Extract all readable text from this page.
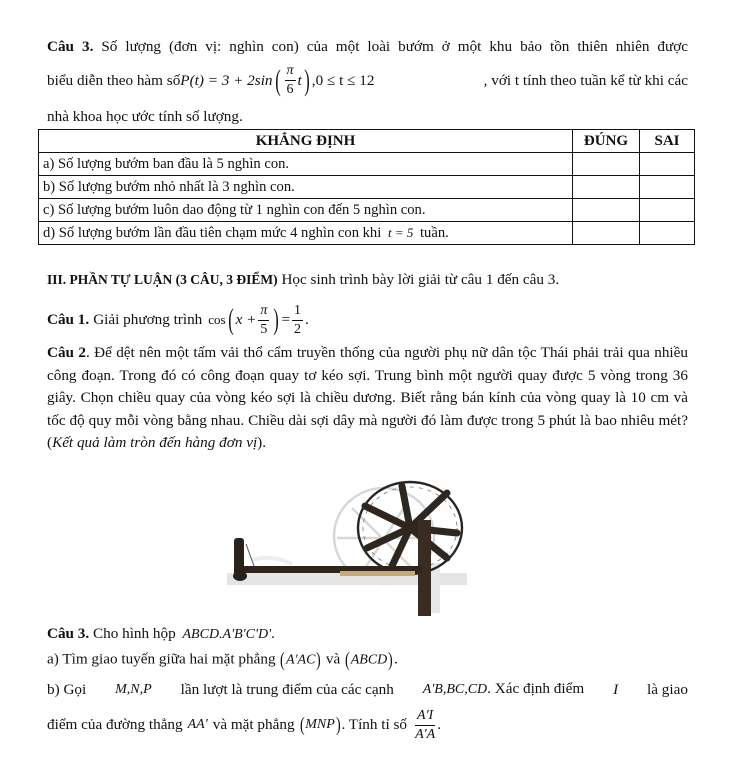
Câu 3. Số lượng (đơn vị: nghìn con) của một loài bướm ở một khu bảo tồn thiên nhiên được
biểu diễn theo hàm số P(t) = 3 + 2sin ( $\frac{\pi}{6}$ t ) , 0 ≤ t ≤ 12	, với t tính theo tuần kể từ khi các
nhà khoa học ước tính số lượng.
KHẲNG ĐỊNH	ĐÚNG	SAI
a) Số lượng bướm ban đầu là 5 nghìn con.		
b) Số lượng bướm nhỏ nhất là 3 nghìn con.		
c) Số lượng bướm luôn dao động từ 1 nghìn con đến 5 nghìn con.		
d) Số lượng bướm lần đầu tiên chạm mức 4 nghìn con khi t = 5 tuần.		
III. PHẦN TỰ LUẬN (3 CÂU, 3 ĐIỂM) Học sinh trình bày lời giải từ câu 1 đến câu 3.
Câu 1. Giải phương trình cos ( $x + \frac{\pi}{5}$ ) = $\frac{1}{2}$ .
Câu 2. Để dệt nên một tấm vải thổ cẩm truyền thống của người phụ nữ dân tộc Thái phải trải qua nhiều công đoạn. Trong đó có công đoạn quay tơ kéo sợi. Trung bình một người quay được 5 vòng trong 36 giây. Chọn chiều quay của vòng kéo sợi là chiều dương. Biết rằng bán kính của vòng quay là 10 cm và tốc độ quy mỗi vòng bằng nhau. Chiều dài sợi dây mà người đó làm được trong 5 phút là bao nhiêu mét? (Kết quả làm tròn đến hàng đơn vị).
Câu 3. Cho hình hộp ABCD.A'B'C'D'.
a) Tìm giao tuyến giữa hai mặt phẳng (A'AC) và (ABCD).
b) Gọi M,N,P lần lượt là trung điểm của các cạnh A'B,BC,CD. Xác định điểm I là giao
điểm của đường thẳng AA' và mặt phẳng ( MNP ) . Tính tỉ số $\frac{A'I}{A'A}$ .
